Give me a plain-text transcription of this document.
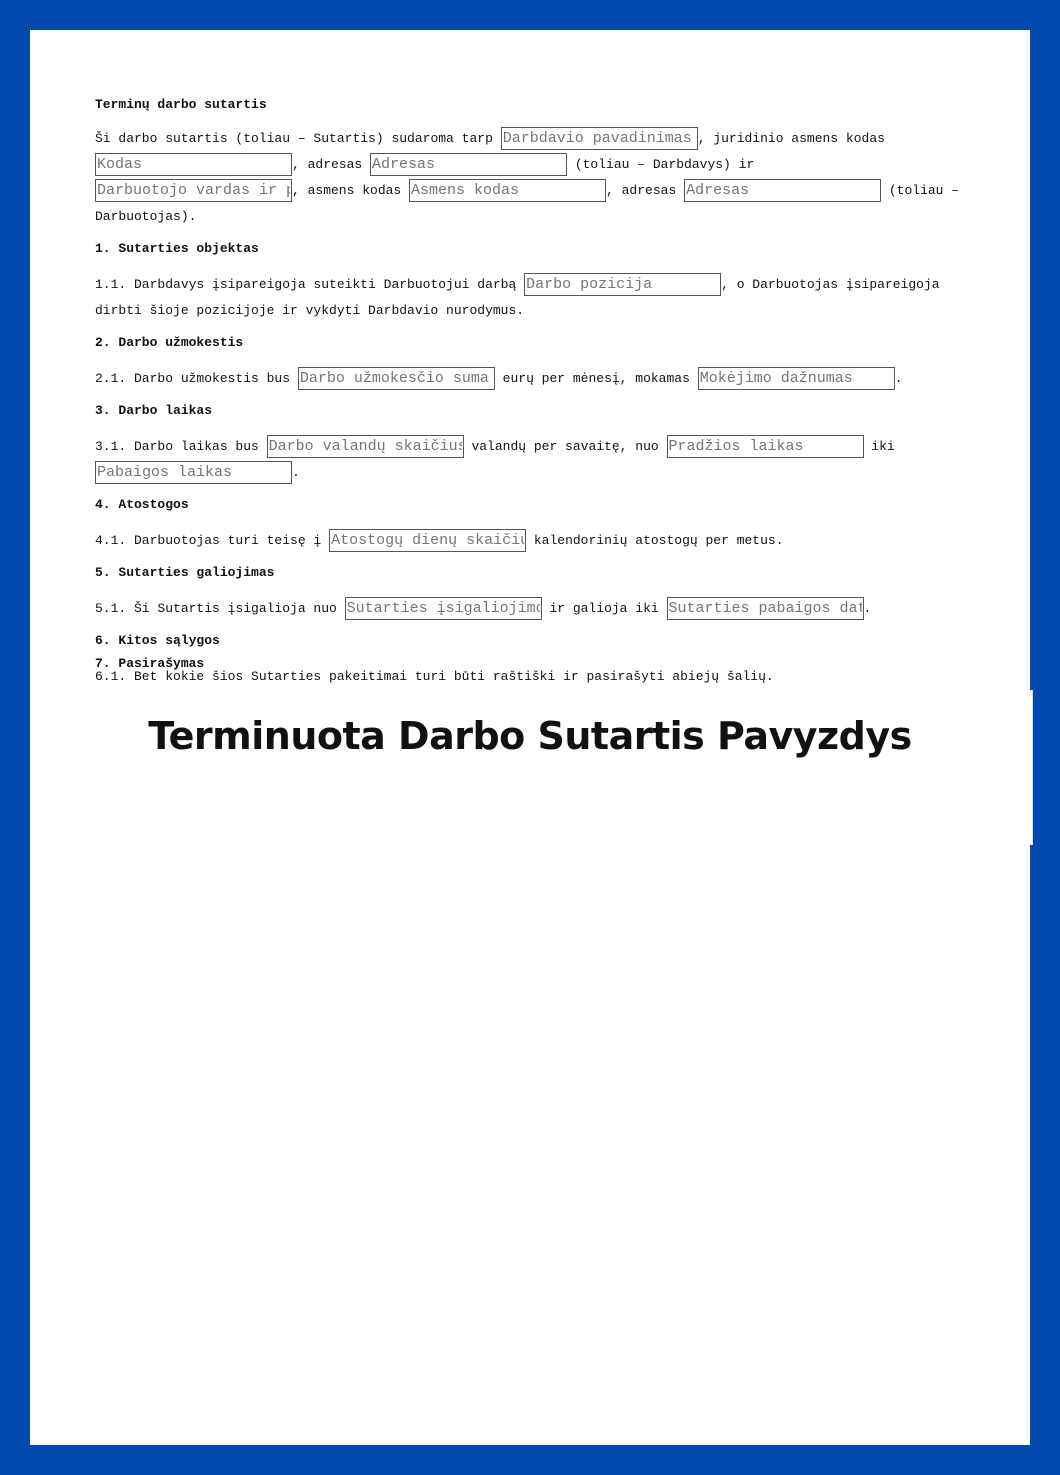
Terminų darbo sutartis

Ši darbo sutartis (toliau – Sutartis) sudaroma tarp Darbdavio pavadinimas	, juridinio asmens kodas
Kodas, adresas Adresas	(toliau – Darbdavys) ir
Darbuotojo vardas ir pavardė, asmens kodas Asmens kodas	, adresas Adresas	(toliau – Darbuotojas).

1. Sutarties objektas

1.1. Darbdavys įsipareigoja suteikti Darbuotojui darbą Darbo pozicija	, o Darbuotojas įsipareigoja dirbti šioje pozicijoje ir vykdyti Darbdavio nurodymus.

2. Darbo užmokestis

2.1. Darbo užmokestis bus Darbo užmokesčio suma	eurų per mėnesį, mokamas Mokėjimo dažnumas	.

3. Darbo laikas

3.1. Darbo laikas bus Darbo valandų skaičius	valandų per savaitę, nuo Pradžios laikas	iki
Pabaigos laikas.

4. Atostogos

4.1. Darbuotojas turi teisę į Atostogų dienų skaičius	kalendorinių atostogų per metus.

5. Sutarties galiojimas

5.1. Ši Sutartis įsigalioja nuo Sutarties įsigaliojimo data	ir galioja iki Sutarties pabaigos data	.

6. Kitos sąlygos

6.1. Bet kokie šios Sutarties pakeitimai turi būti raštiški ir pasirašyti abiejų šalių.

7. Pasirašymas
Terminuota Darbo Sutartis Pavyzdys
